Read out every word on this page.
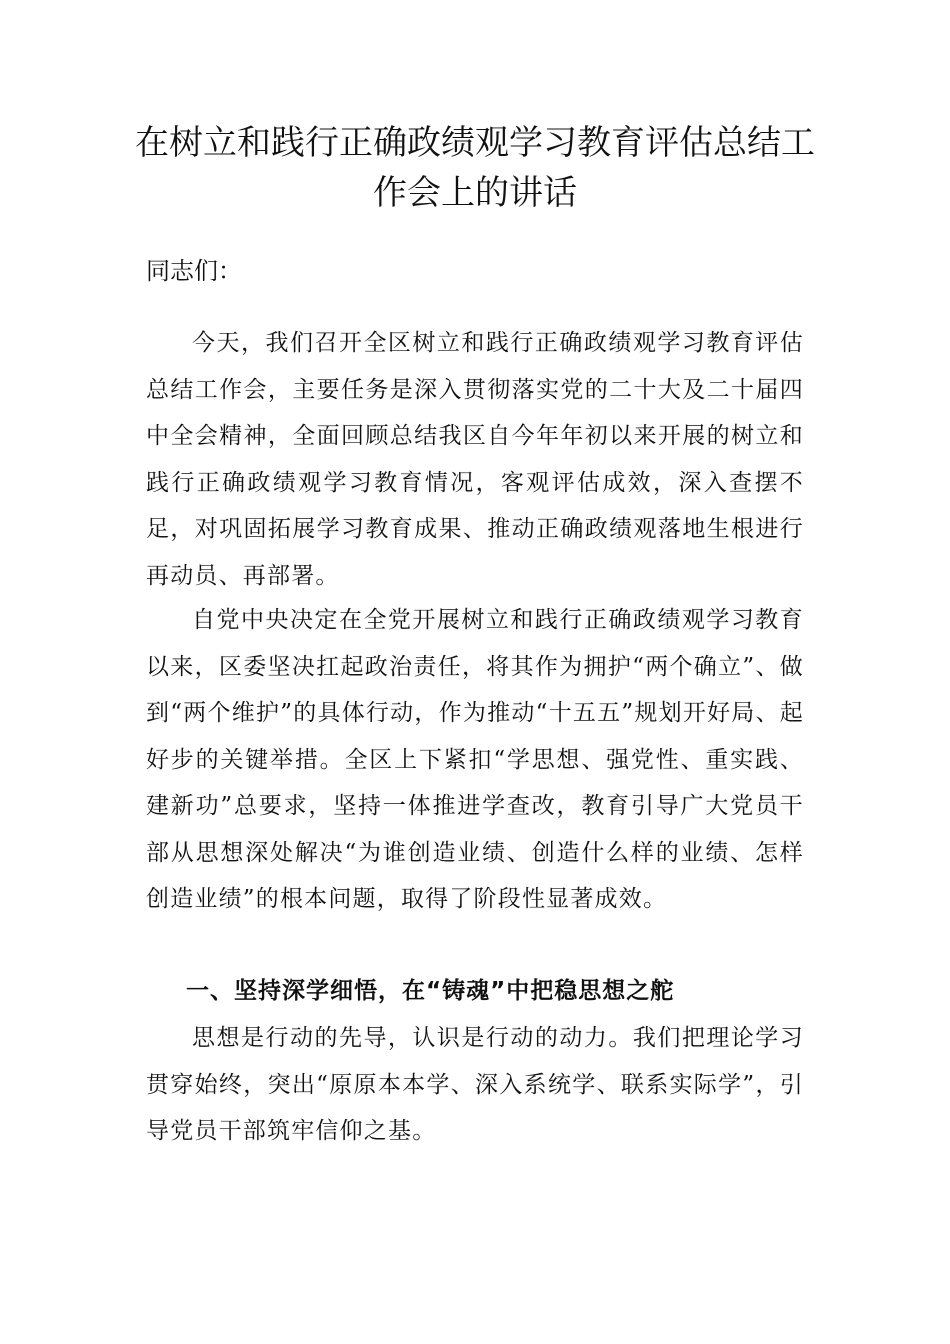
在树立和践行正确政绩观学习教育评估总结工作会上的讲话

同志们：

今天，我们召开全区树立和践行正确政绩观学习教育评估总结工作会，主要任务是深入贯彻落实党的二十大及二十届四中全会精神，全面回顾总结我区自今年年初以来开展的树立和践行正确政绩观学习教育情况，客观评估成效，深入查摆不足，对巩固拓展学习教育成果、推动正确政绩观落地生根进行再动员、再部署。

自党中央决定在全党开展树立和践行正确政绩观学习教育以来，区委坚决扛起政治责任，将其作为拥护“两个确立”、做到“两个维护”的具体行动，作为推动“十五五”规划开好局、起好步的关键举措。全区上下紧扣“学思想、强党性、重实践、建新功”总要求，坚持一体推进学查改，教育引导广大党员干部从思想深处解决“为谁创造业绩、创造什么样的业绩、怎样创造业绩”的根本问题，取得了阶段性显著成效。

一、坚持深学细悟，在“铸魂”中把稳思想之舵

思想是行动的先导，认识是行动的动力。我们把理论学习贯穿始终，突出“原原本本学、深入系统学、联系实际学”，引导党员干部筑牢信仰之基。
